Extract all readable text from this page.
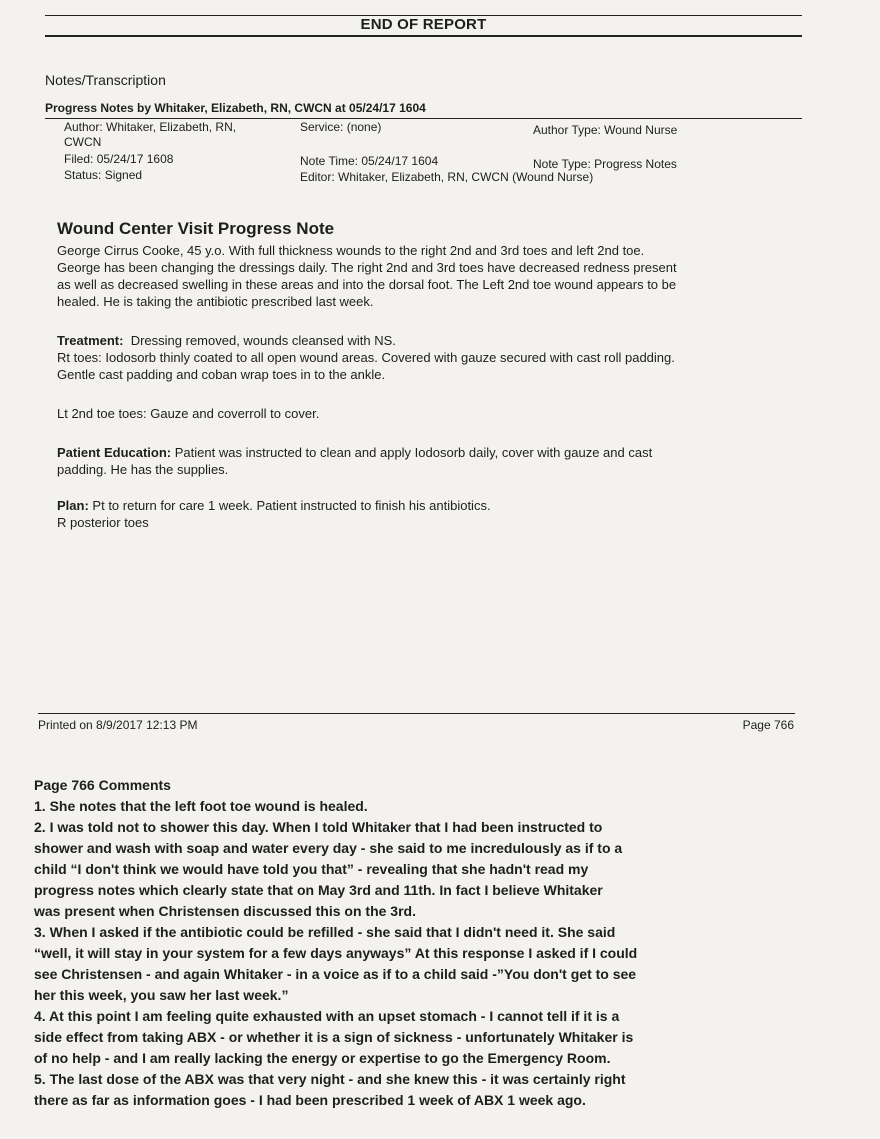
END OF REPORT
Notes/Transcription
Progress Notes by Whitaker, Elizabeth, RN, CWCN at 05/24/17 1604
Author: Whitaker, Elizabeth, RN,
CWCN
Filed: 05/24/17 1608
Status: Signed
Service: (none)
Note Time: 05/24/17 1604
Editor: Whitaker, Elizabeth, RN, CWCN (Wound Nurse)
Author Type: Wound Nurse
Note Type: Progress Notes
Wound Center Visit Progress Note
George Cirrus Cooke, 45 y.o. With full thickness wounds to the right 2nd and 3rd toes and left 2nd toe.
George has been changing the dressings daily. The right 2nd and 3rd toes have decreased redness present
as well as decreased swelling in these areas and into the dorsal foot. The Left 2nd toe wound appears to be
healed. He is taking the antibiotic prescribed last week.
Treatment: Dressing removed, wounds cleansed with NS.
Rt toes: Iodosorb thinly coated to all open wound areas. Covered with gauze secured with cast roll padding.
Gentle cast padding and coban wrap toes in to the ankle.
Lt 2nd toe toes: Gauze and coverroll to cover.
Patient Education: Patient was instructed to clean and apply Iodosorb daily, cover with gauze and cast
padding. He has the supplies.
Plan: Pt to return for care 1 week. Patient instructed to finish his antibiotics.
R posterior toes
Printed on 8/9/2017 12:13 PM	Page 766
Page 766 Comments
1. She notes that the left foot toe wound is healed.
2. I was told not to shower this day. When I told Whitaker that I had been instructed to
shower and wash with soap and water every day - she said to me incredulously as if to a
child “I don't think we would have told you that” - revealing that she hadn't read my
progress notes which clearly state that on May 3rd and 11th. In fact I believe Whitaker
was present when Christensen discussed this on the 3rd.
3. When I asked if the antibiotic could be refilled - she said that I didn't need it. She said
“well, it will stay in your system for a few days anyways” At this response I asked if I could
see Christensen - and again Whitaker - in a voice as if to a child said -”You don't get to see
her this week, you saw her last week.”
4. At this point I am feeling quite exhausted with an upset stomach - I cannot tell if it is a
side effect from taking ABX - or whether it is a sign of sickness - unfortunately Whitaker is
of no help - and I am really lacking the energy or expertise to go the Emergency Room.
5. The last dose of the ABX was that very night - and she knew this - it was certainly right
there as far as information goes - I had been prescribed 1 week of ABX 1 week ago.
